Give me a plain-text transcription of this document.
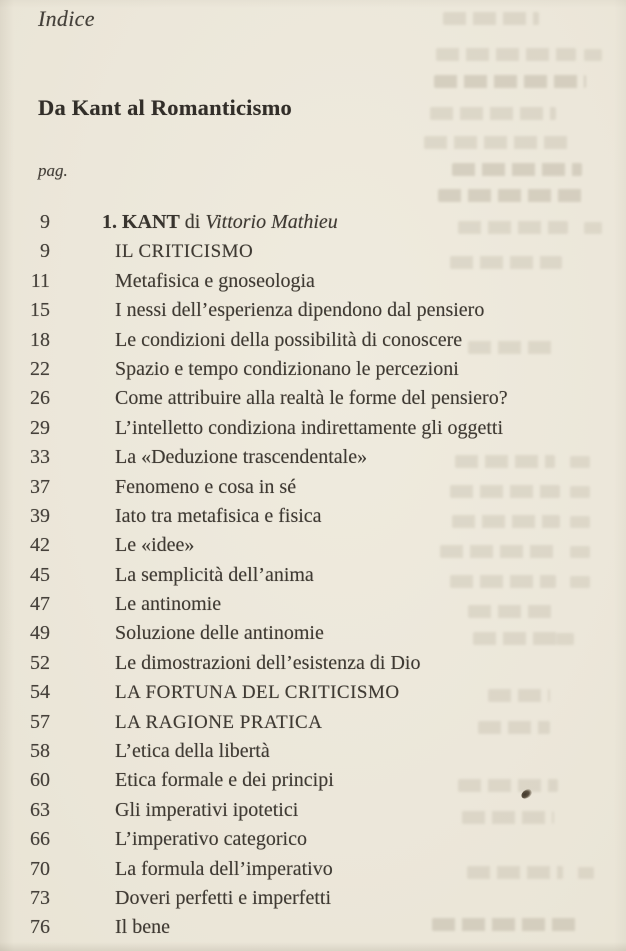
Indice
Da Kant al Romanticismo
pag.
9	1. KANT di Vittorio Mathieu
9	IL CRITICISMO
11	Metafisica e gnoseologia
15	I nessi dell’esperienza dipendono dal pensiero
18	Le condizioni della possibilità di conoscere
22	Spazio e tempo condizionano le percezioni
26	Come attribuire alla realtà le forme del pensiero?
29	L’intelletto condiziona indirettamente gli oggetti
33	La «Deduzione trascendentale»
37	Fenomeno e cosa in sé
39	Iato tra metafisica e fisica
42	Le «idee»
45	La semplicità dell’anima
47	Le antinomie
49	Soluzione delle antinomie
52	Le dimostrazioni dell’esistenza di Dio
54	LA FORTUNA DEL CRITICISMO
57	LA RAGIONE PRATICA
58	L’etica della libertà
60	Etica formale e dei principi
63	Gli imperativi ipotetici
66	L’imperativo categorico
70	La formula dell’imperativo
73	Doveri perfetti e imperfetti
76	Il bene
